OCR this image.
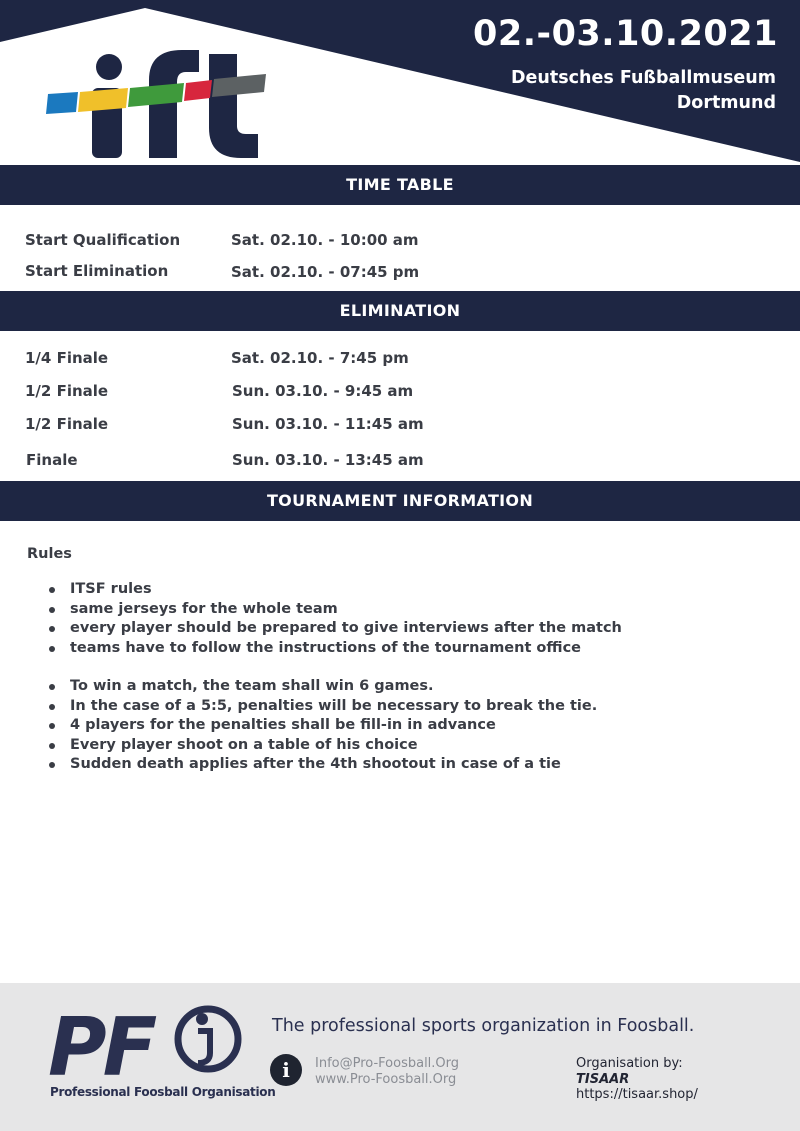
02.-03.10.2021
Deutsches Fußballmuseum
Dortmund
TIME TABLE
Start Qualification	Sat. 02.10. - 10:00 am
Start Elimination	Sat. 02.10. - 07:45 pm
ELIMINATION
1/4 Finale	Sat. 02.10. - 7:45 pm
1/2 Finale	Sun. 03.10. - 9:45 am
1/2 Finale	Sun. 03.10. - 11:45 am
Finale	Sun. 03.10. - 13:45 am
TOURNAMENT INFORMATION
Rules
ITSF rules
same jerseys for the whole team
every player should be prepared to give interviews after the match
teams have to follow the instructions of the tournament office
To win a match, the team shall win 6 games.
In the case of a 5:5, penalties will be necessary to break the tie.
4 players for the penalties shall be fill-in in advance
Every player shoot on a table of his choice
Sudden death applies after the 4th shootout in case of a tie
PF
Professional Foosball Organisation
The professional sports organization in Foosball.
i	Info@Pro-Foosball.Org
www.Pro-Foosball.Org
Organisation by:
TISAAR
https://tisaar.shop/
